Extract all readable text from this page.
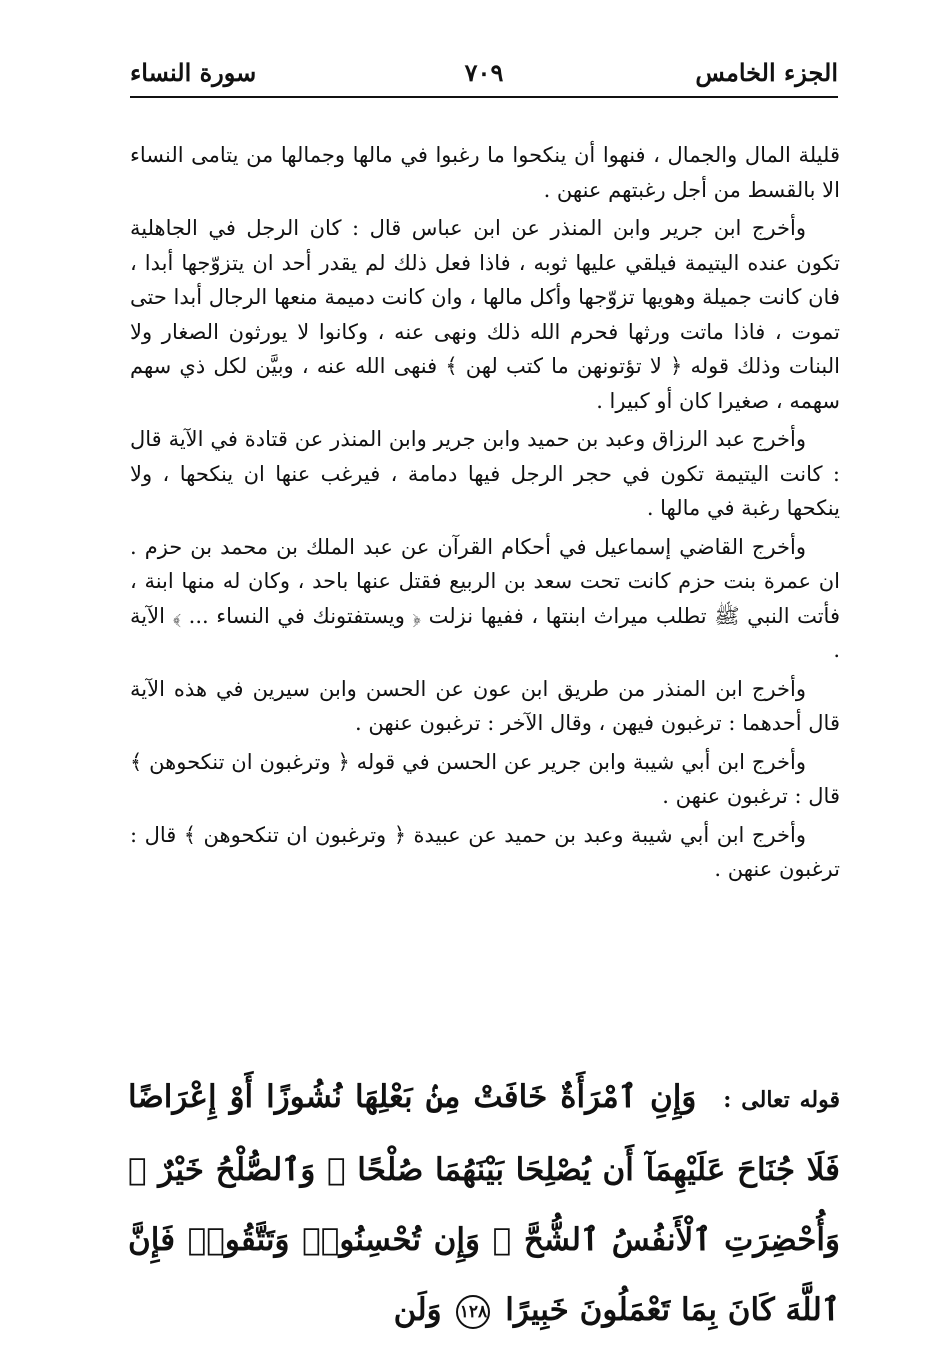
الجزء الخامس
٧٠٩
سورة النساء

قليلة المال والجمال ، فنهوا أن ينكحوا ما رغبوا في مالها وجمالها من يتامى النساء الا بالقسط من أجل رغبتهم عنهن .

وأخرج ابن جرير وابن المنذر عن ابن عباس قال : كان الرجل في الجاهلية تكون عنده اليتيمة فيلقي عليها ثوبه ، فاذا فعل ذلك لم يقدر أحد ان يتزوّجها أبدا ، فان كانت جميلة وهويها تزوّجها وأكل مالها ، وان كانت دميمة منعها الرجال أبدا حتى تموت ، فاذا ماتت ورثها فحرم الله ذلك ونهى عنه ، وكانوا لا يورثون الصغار ولا البنات وذلك قوله ﴿ لا تؤتونهن ما كتب لهن ﴾ فنهى الله عنه ، وبيَّن لكل ذي سهم سهمه ، صغيرا كان أو كبيرا .

وأخرج عبد الرزاق وعبد بن حميد وابن جرير وابن المنذر عن قتادة في الآية قال : كانت اليتيمة تكون في حجر الرجل فيها دمامة ، فيرغب عنها ان ينكحها ، ولا ينكحها رغبة في مالها .

وأخرج القاضي إسماعيل في أحكام القرآن عن عبد الملك بن محمد بن حزم . ان عمرة بنت حزم كانت تحت سعد بن الربيع فقتل عنها باحد ، وكان له منها ابنة ، فأتت النبي ﷺ تطلب ميراث ابنتها ، ففيها نزلت ﴿ ويستفتونك في النساء ... ﴾ الآية .

وأخرج ابن المنذر من طريق ابن عون عن الحسن وابن سيرين في هذه الآية قال أحدهما : ترغبون فيهن ، وقال الآخر : ترغبون عنهن .

وأخرج ابن أبي شيبة وابن جرير عن الحسن في قوله ﴿ وترغبون ان تنكحوهن ﴾ قال : ترغبون عنهن .

وأخرج ابن أبي شيبة وعبد بن حميد عن عبيدة ﴿ وترغبون ان تنكحوهن ﴾ قال : ترغبون عنهن .

قوله تعالى : وَإِنِ ٱمْرَأَةٌ خَافَتْ مِنۢ بَعْلِهَا نُشُوزًا أَوْ إِعْرَاضًا فَلَا جُنَاحَ عَلَيْهِمَآ أَن يُصْلِحَا بَيْنَهُمَا صُلْحًا ۚ وَٱلصُّلْحُ خَيْرٌ ۗ وَأُحْضِرَتِ ٱلْأَنفُسُ ٱلشُّحَّ ۚ وَإِن تُحْسِنُوا۟ وَتَتَّقُوا۟ فَإِنَّ ٱللَّهَ كَانَ بِمَا تَعْمَلُونَ خَبِيرًا ١٢٨ وَلَن
